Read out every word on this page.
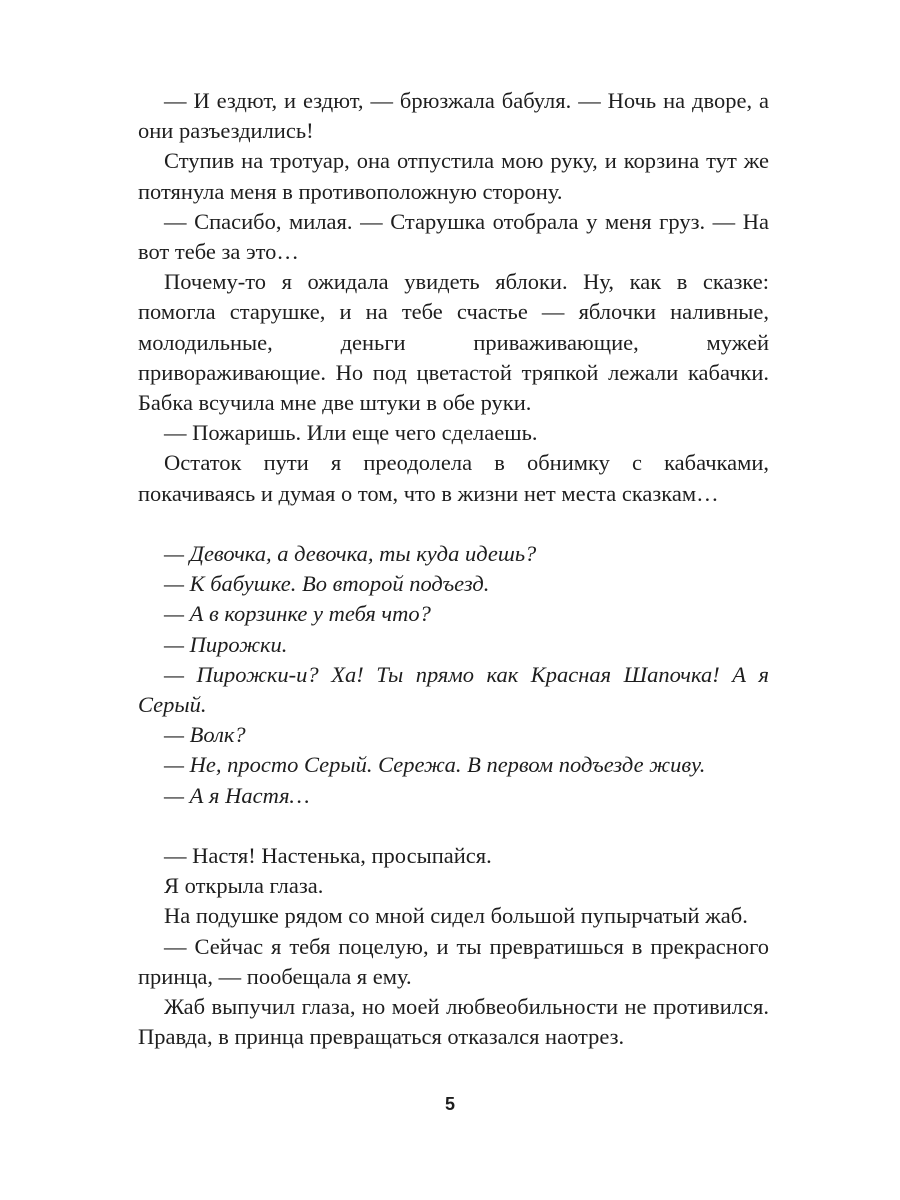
— И ездют, и ездют, — брюзжала бабуля. — Ночь на дворе, а они разъездились!

Ступив на тротуар, она отпустила мою руку, и корзина тут же потянула меня в противоположную сторону.

— Спасибо, милая. — Старушка отобрала у меня груз. — На вот тебе за это…

Почему-то я ожидала увидеть яблоки. Ну, как в сказке: помогла старушке, и на тебе счастье — яблочки наливные, молодильные, деньги приваживающие, мужей привораживающие. Но под цветастой тряпкой лежали кабачки. Бабка всучила мне две штуки в обе руки.

— Пожаришь. Или еще чего сделаешь.

Остаток пути я преодолела в обнимку с кабачками, покачиваясь и думая о том, что в жизни нет места сказкам…

— Девочка, а девочка, ты куда идешь?

— К бабушке. Во второй подъезд.

— А в корзинке у тебя что?

— Пирожки.

— Пирожки-и? Ха! Ты прямо как Красная Шапочка! А я Серый.

— Волк?

— Не, просто Серый. Сережа. В первом подъезде живу.

— А я Настя…

— Настя! Настенька, просыпайся.

Я открыла глаза.

На подушке рядом со мной сидел большой пупырчатый жаб.

— Сейчас я тебя поцелую, и ты превратишься в прекрасного принца, — пообещала я ему.

Жаб выпучил глаза, но моей любвеобильности не противился. Правда, в принца превращаться отказался наотрез.

5
